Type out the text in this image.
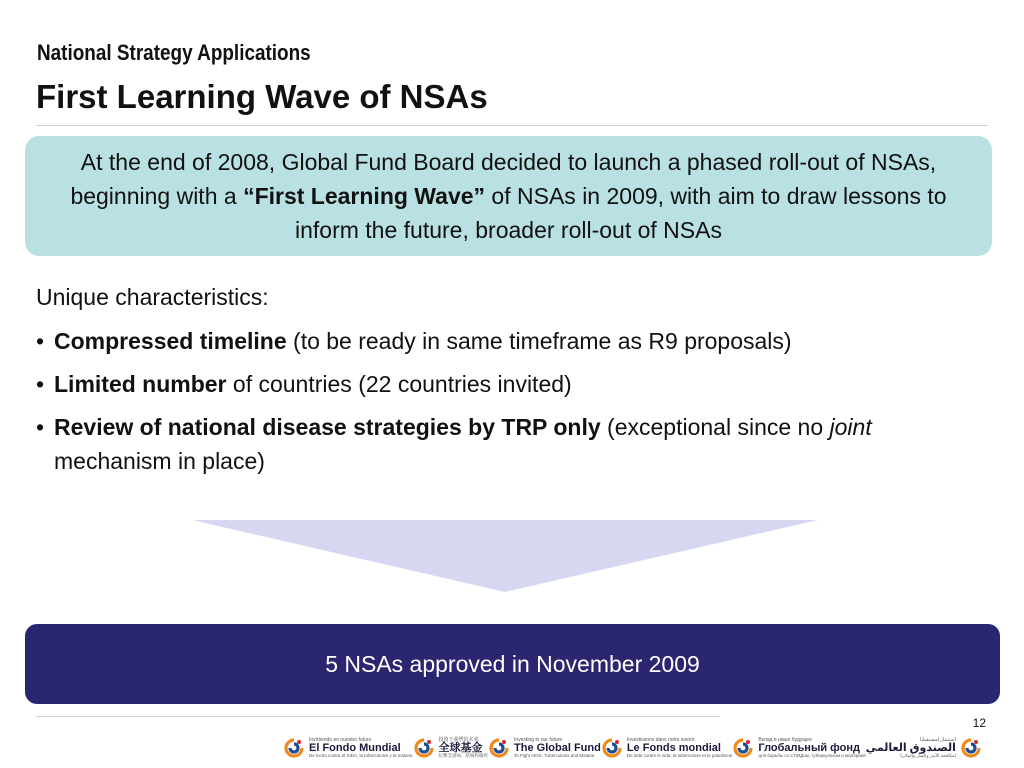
National Strategy Applications
First Learning Wave of NSAs

At the end of 2008, Global Fund Board decided to launch a phased roll-out of NSAs, beginning with a “First Learning Wave” of NSAs in 2009, with aim to draw lessons to inform the future, broader roll-out of NSAs

Unique characteristics:

• Compressed timeline (to be ready in same timeframe as R9 proposals)
• Limited number of countries (22 countries invited)
• Review of national disease strategies by TRP only (exceptional since no joint mechanism in place)

5 NSAs approved in November 2009

12
Invirtiendo en nuestro futuro
El Fondo Mundial
De lucha contra el SIDA, la tuberculosis y la malaria
投資于我們的未來
全球基金
抗擊艾滋病、結核和瘧疾
Investing in our future
The Global Fund
To Fight AIDS, Tuberculosis and Malaria
Investissons dans notre avenir
Le Fonds mondial
De lutte contre le sida, la tuberculose et le paludisme
Вклад в наше будущее
Глобальный фонд
для борьбы со СПИДом, туберкулезом и малярией
استثمار لمستقبلنا
الصندوق العالمي
لمكافحة الأيدز والسل والملاريا
